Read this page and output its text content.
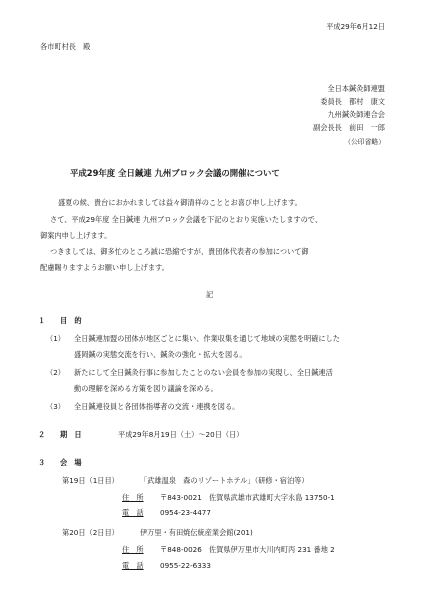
平成29年6月12日
各市町村長　殿
全日本鍼灸師連盟
委員長　都村　康文
九州鍼灸師連合会
副会長長　前田　一郎
（公印省略）
平成29年度 全日鍼連 九州ブロック会議の開催について
盛夏の候、貴台におかれましては益々御清祥のこととお喜び申し上げます。
さて、平成29年度 全日鍼連 九州ブロック会議を下記のとおり実施いたしますので、
御案内申し上げます。
つきましては、御多忙のところ誠に恐縮ですが、貴団体代表者の参加について御
配慮賜りますようお願い申し上げます。
記
１ 目　的
（1） 全日鍼連加盟の団体が地区ごとに集い、作業収集を通じて地域の実態を明確にした
盛岡鍼の実態交流を行い、鍼灸の強化・拡大を図る。
（2） 新たにして全日鍼灸行事に参加したことのない会員を参加の実現し、全日鍼連活
動の理解を深める方策を図り議論を深める。
（3） 全日鍼連役員と各団体指導者の交流・連携を図る。
２ 期　日	平成29年8月19日（土）～20日（日）
３ 会　場
第19日（1日目）	「武雄温泉　森のリゾートホテル」（研修・宿泊等）
住　所 〒843-0021　佐賀県武雄市武雄町大字永島 13750-1
電　話 0954-23-4477
第20日（2日目）	伊万里・有田焼伝統産業会館(201)
住　所 〒848-0026　佐賀県伊万里市大川内町丙 231 番地 2
電　話 0955-22-6333
